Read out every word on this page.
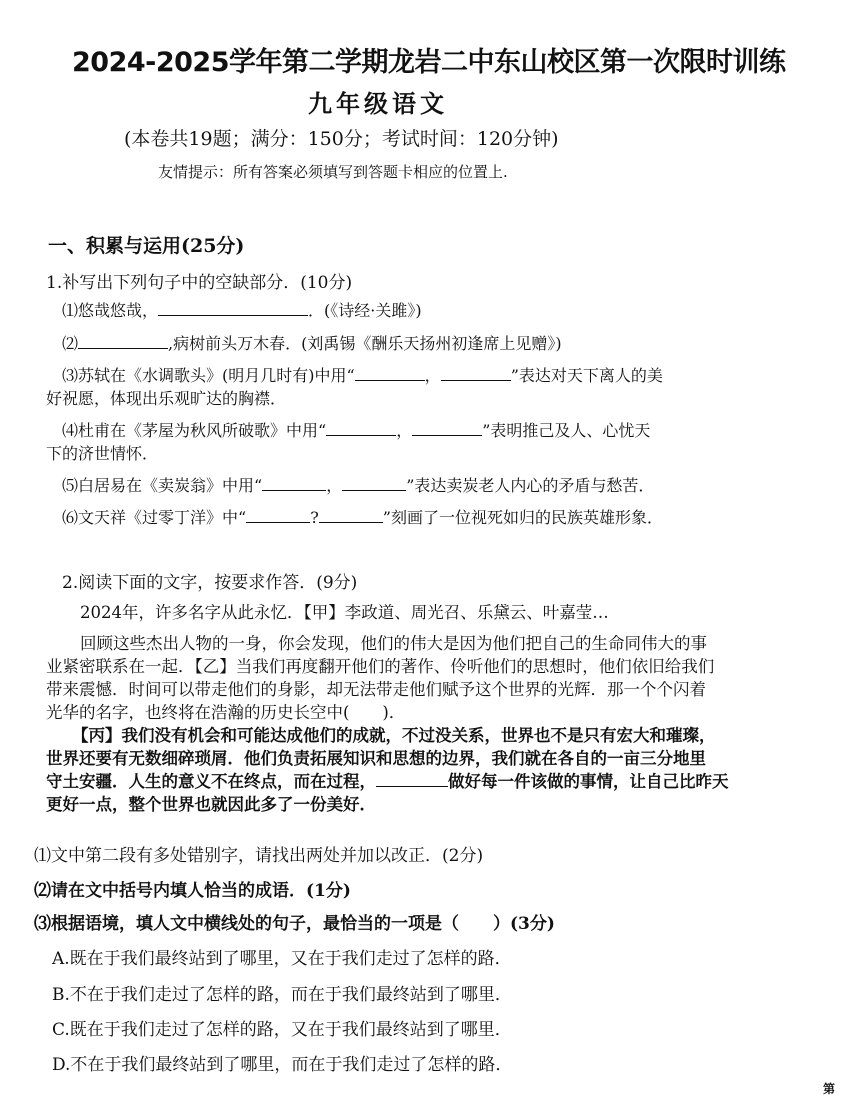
2024-2025学年第二学期龙岩二中东山校区第一次限时训练
九年级语文
(本卷共19题；满分：150分；考试时间：120分钟)
友情提示：所有答案必须填写到答题卡相应的位置上.
一、积累与运用(25分)
1.补写出下列句子中的空缺部分．(10分)
⑴悠哉悠哉，	．(《诗经·关雎》)
⑵	,病树前头万木春．(刘禹锡《酬乐天扬州初逢席上见赠》)
⑶苏轼在《水调歌头》(明月几时有)中用“	，	”表达对天下离人的美
好祝愿，体现出乐观旷达的胸襟．
⑷杜甫在《茅屋为秋风所破歌》中用“	，	”表明推己及人、心忧天
下的济世情怀．
⑸白居易在《卖炭翁》中用“	，	”表达卖炭老人内心的矛盾与愁苦．
⑹文天祥《过零丁洋》中“	?	”刻画了一位视死如归的民族英雄形象．
2.阅读下面的文字，按要求作答．(9分)
2024年，许多名字从此永忆．【甲】李政道、周光召、乐黛云、叶嘉莹…
回顾这些杰出人物的一身，你会发现，他们的伟大是因为他们把自己的生命同伟大的事
业紧密联系在一起．【乙】当我们再度翻开他们的著作、伶听他们的思想时，他们依旧给我们
带来震憾．时间可以带走他们的身影，却无法带走他们赋予这个世界的光辉．那一个个闪着
光华的名字，也终将在浩瀚的历史长空中(　　)．
【丙】我们没有机会和可能达成他们的成就，不过没关系，世界也不是只有宏大和璀璨，
世界还要有无数细碎琐屑．他们负责拓展知识和思想的边界，我们就在各自的一亩三分地里
守土安疆．人生的意义不在终点，而在过程，	做好每一件该做的事情，让自己比昨天
更好一点，整个世界也就因此多了一份美好．
⑴文中第二段有多处错别字，请找出两处并加以改正．(2分)
⑵请在文中括号内填人恰当的成语．(1分)
⑶根据语境，填人文中横线处的句子，最恰当的一项是（　　）(3分)
A.既在于我们最终站到了哪里，又在于我们走过了怎样的路．
B.不在于我们走过了怎样的路，而在于我们最终站到了哪里．
C.既在于我们走过了怎样的路，又在于我们最终站到了哪里．
D.不在于我们最终站到了哪里，而在于我们走过了怎样的路．
第
